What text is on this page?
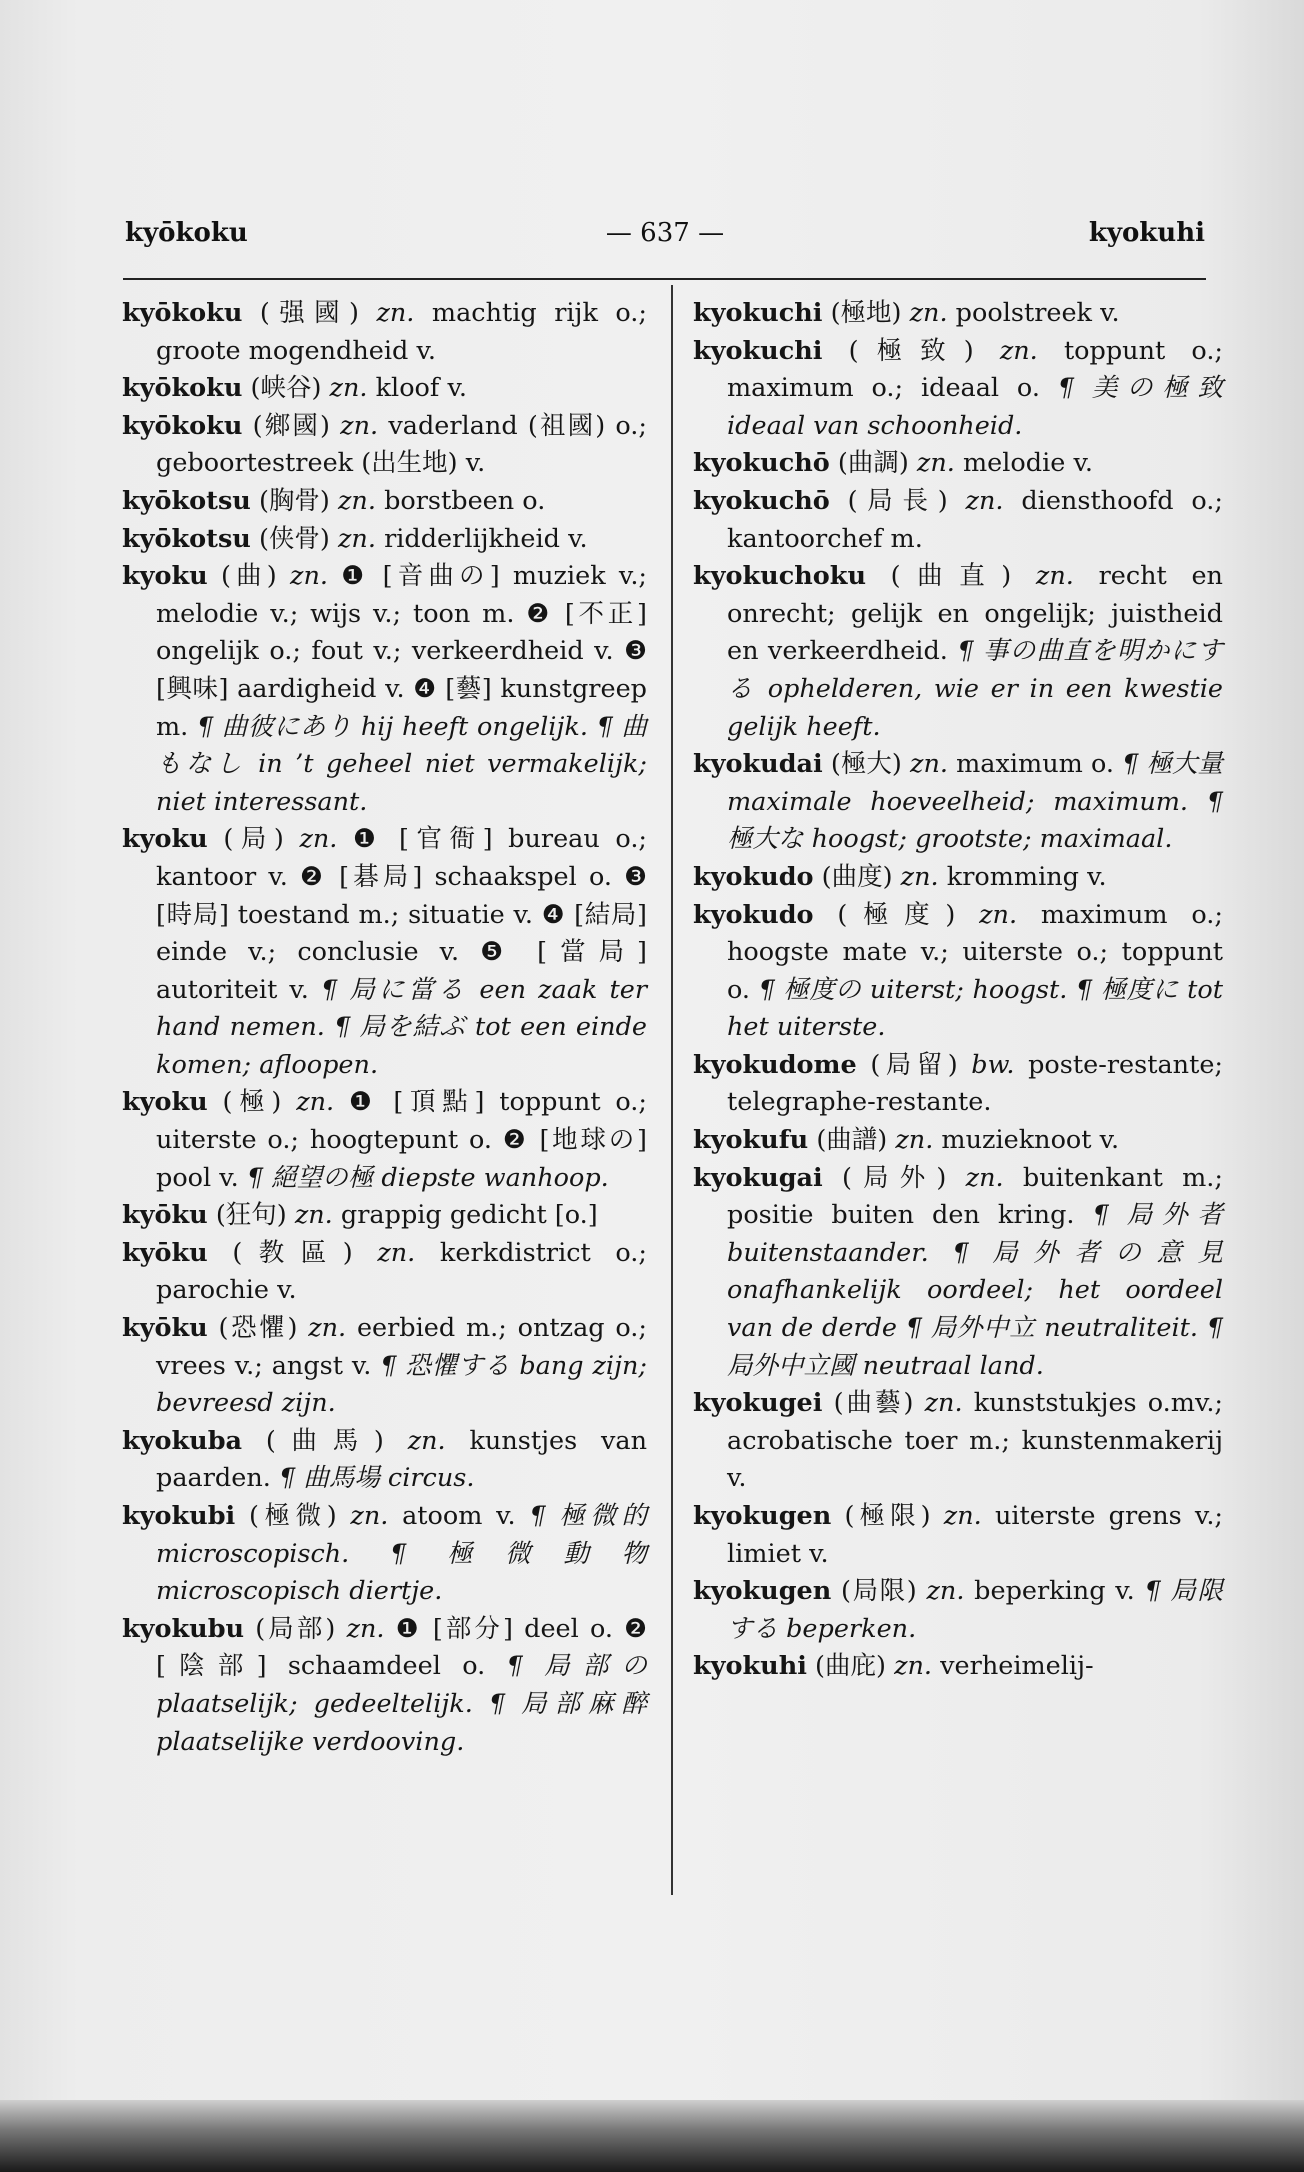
kyōkoku	— 637 —	kyokuhi

kyōkoku (强國) zn. machtig rijk o.; groote mogendheid v.

kyōkoku (峡谷) zn. kloof v.

kyōkoku (鄉國) zn. vaderland (祖國) o.; geboortestreek (出生地) v.

kyōkotsu (胸骨) zn. borstbeen o.

kyōkotsu (侠骨) zn. ridderlijkheid v.

kyoku (曲) zn. ❶ [音曲の] muziek v.; melodie v.; wijs v.; toon m. ❷ [不正] ongelijk o.; fout v.; verkeerdheid v. ❸ [興味] aardigheid v. ❹ [藝] kunstgreep m. ¶ 曲彼にあり hij heeft ongelijk. ¶ 曲もなし in ’t geheel niet vermakelijk; niet interessant.

kyoku (局) zn. ❶ [官衙] bureau o.; kantoor v. ❷ [碁局] schaakspel o. ❸ [時局] toestand m.; situatie v. ❹ [結局] einde v.; conclusie v. ❺ [當局] autoriteit v. ¶ 局に當る een zaak ter hand nemen. ¶ 局を結ぶ tot een einde komen; afloopen.

kyoku (極) zn. ❶ [頂點] toppunt o.; uiterste o.; hoogtepunt o. ❷ [地球の] pool v. ¶ 絕望の極 diepste wanhoop.

kyōku (狂句) zn. grappig gedicht [o.]

kyōku (教區) zn. kerkdistrict o.; parochie v.

kyōku (恐懼) zn. eerbied m.; ontzag o.; vrees v.; angst v. ¶ 恐懼する bang zijn; bevreesd zijn.

kyokuba (曲馬) zn. kunstjes van paarden. ¶ 曲馬場 circus.

kyokubi (極微) zn. atoom v. ¶ 極微的 microscopisch. ¶ 極微動物 microscopisch diertje.

kyokubu (局部) zn. ❶ [部分] deel o. ❷ [陰部] schaamdeel o. ¶ 局部の plaatselijk; gedeeltelijk. ¶ 局部麻醉 plaatselijke verdooving.

kyokuchi (極地) zn. poolstreek v.

kyokuchi (極致) zn. toppunt o.; maximum o.; ideaal o. ¶ 美の極致 ideaal van schoonheid.

kyokuchō (曲調) zn. melodie v.

kyokuchō (局長) zn. diensthoofd o.; kantoorchef m.

kyokuchoku (曲直) zn. recht en onrecht; gelijk en ongelijk; juistheid en verkeerdheid. ¶ 事の曲直を明かにする ophelderen, wie er in een kwestie gelijk heeft.

kyokudai (極大) zn. maximum o. ¶ 極大量 maximale hoeveelheid; maximum. ¶ 極大な hoogst; grootste; maximaal.

kyokudo (曲度) zn. kromming v.

kyokudo (極度) zn. maximum o.; hoogste mate v.; uiterste o.; toppunt o. ¶ 極度の uiterst; hoogst. ¶ 極度に tot het uiterste.

kyokudome (局留) bw. poste-restante; telegraphe-restante.

kyokufu (曲譜) zn. muzieknoot v.

kyokugai (局外) zn. buitenkant m.; positie buiten den kring. ¶ 局外者 buitenstaander. ¶ 局外者の意見 onafhankelijk oordeel; het oordeel van de derde ¶ 局外中立 neutraliteit. ¶ 局外中立國 neutraal land.

kyokugei (曲藝) zn. kunststukjes o.mv.; acrobatische toer m.; kunstenmakerij v.

kyokugen (極限) zn. uiterste grens v.; limiet v.

kyokugen (局限) zn. beperking v. ¶ 局限する beperken.

kyokuhi (曲庇) zn. verheimelij-
